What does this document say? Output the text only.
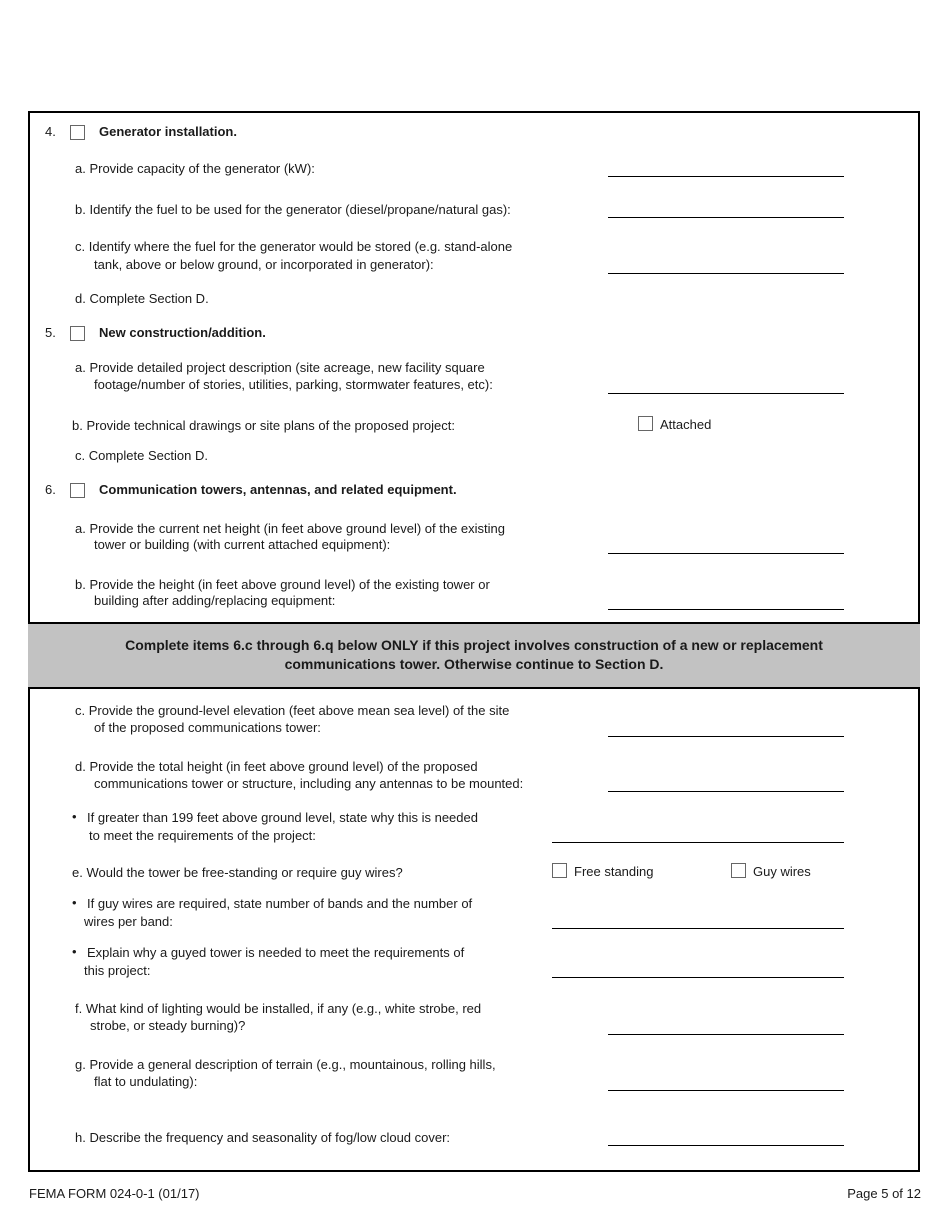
4.	Generator installation.
a. Provide capacity of the generator (kW):
b. Identify the fuel to be used for the generator (diesel/propane/natural gas):
c. Identify where the fuel for the generator would be stored (e.g. stand-alone
tank, above or below ground, or incorporated in generator):
d. Complete Section D.
5.	New construction/addition.
a. Provide detailed project description (site acreage, new facility square
footage/number of stories, utilities, parking, stormwater features, etc):
b. Provide technical drawings or site plans of the proposed project:	Attached
c. Complete Section D.
6.	Communication towers, antennas, and related equipment.
a. Provide the current net height (in feet above ground level) of the existing
tower or building (with current attached equipment):
b. Provide the height (in feet above ground level) of the existing tower or
building after adding/replacing equipment:
Complete items 6.c through 6.q below ONLY if this project involves construction of a new or replacement
communications tower. Otherwise continue to Section D.
c. Provide the ground-level elevation (feet above mean sea level) of the site
of the proposed communications tower:
d. Provide the total height (in feet above ground level) of the proposed
communications tower or structure, including any antennas to be mounted:
• If greater than 199 feet above ground level, state why this is needed
to meet the requirements of the project:
e. Would the tower be free-standing or require guy wires?	Free standing	Guy wires
• If guy wires are required, state number of bands and the number of
wires per band:
• Explain why a guyed tower is needed to meet the requirements of
this project:
f. What kind of lighting would be installed, if any (e.g., white strobe, red
strobe, or steady burning)?
g. Provide a general description of terrain (e.g., mountainous, rolling hills,
flat to undulating):
h. Describe the frequency and seasonality of fog/low cloud cover:
FEMA FORM 024-0-1 (01/17)	Page 5 of 12
